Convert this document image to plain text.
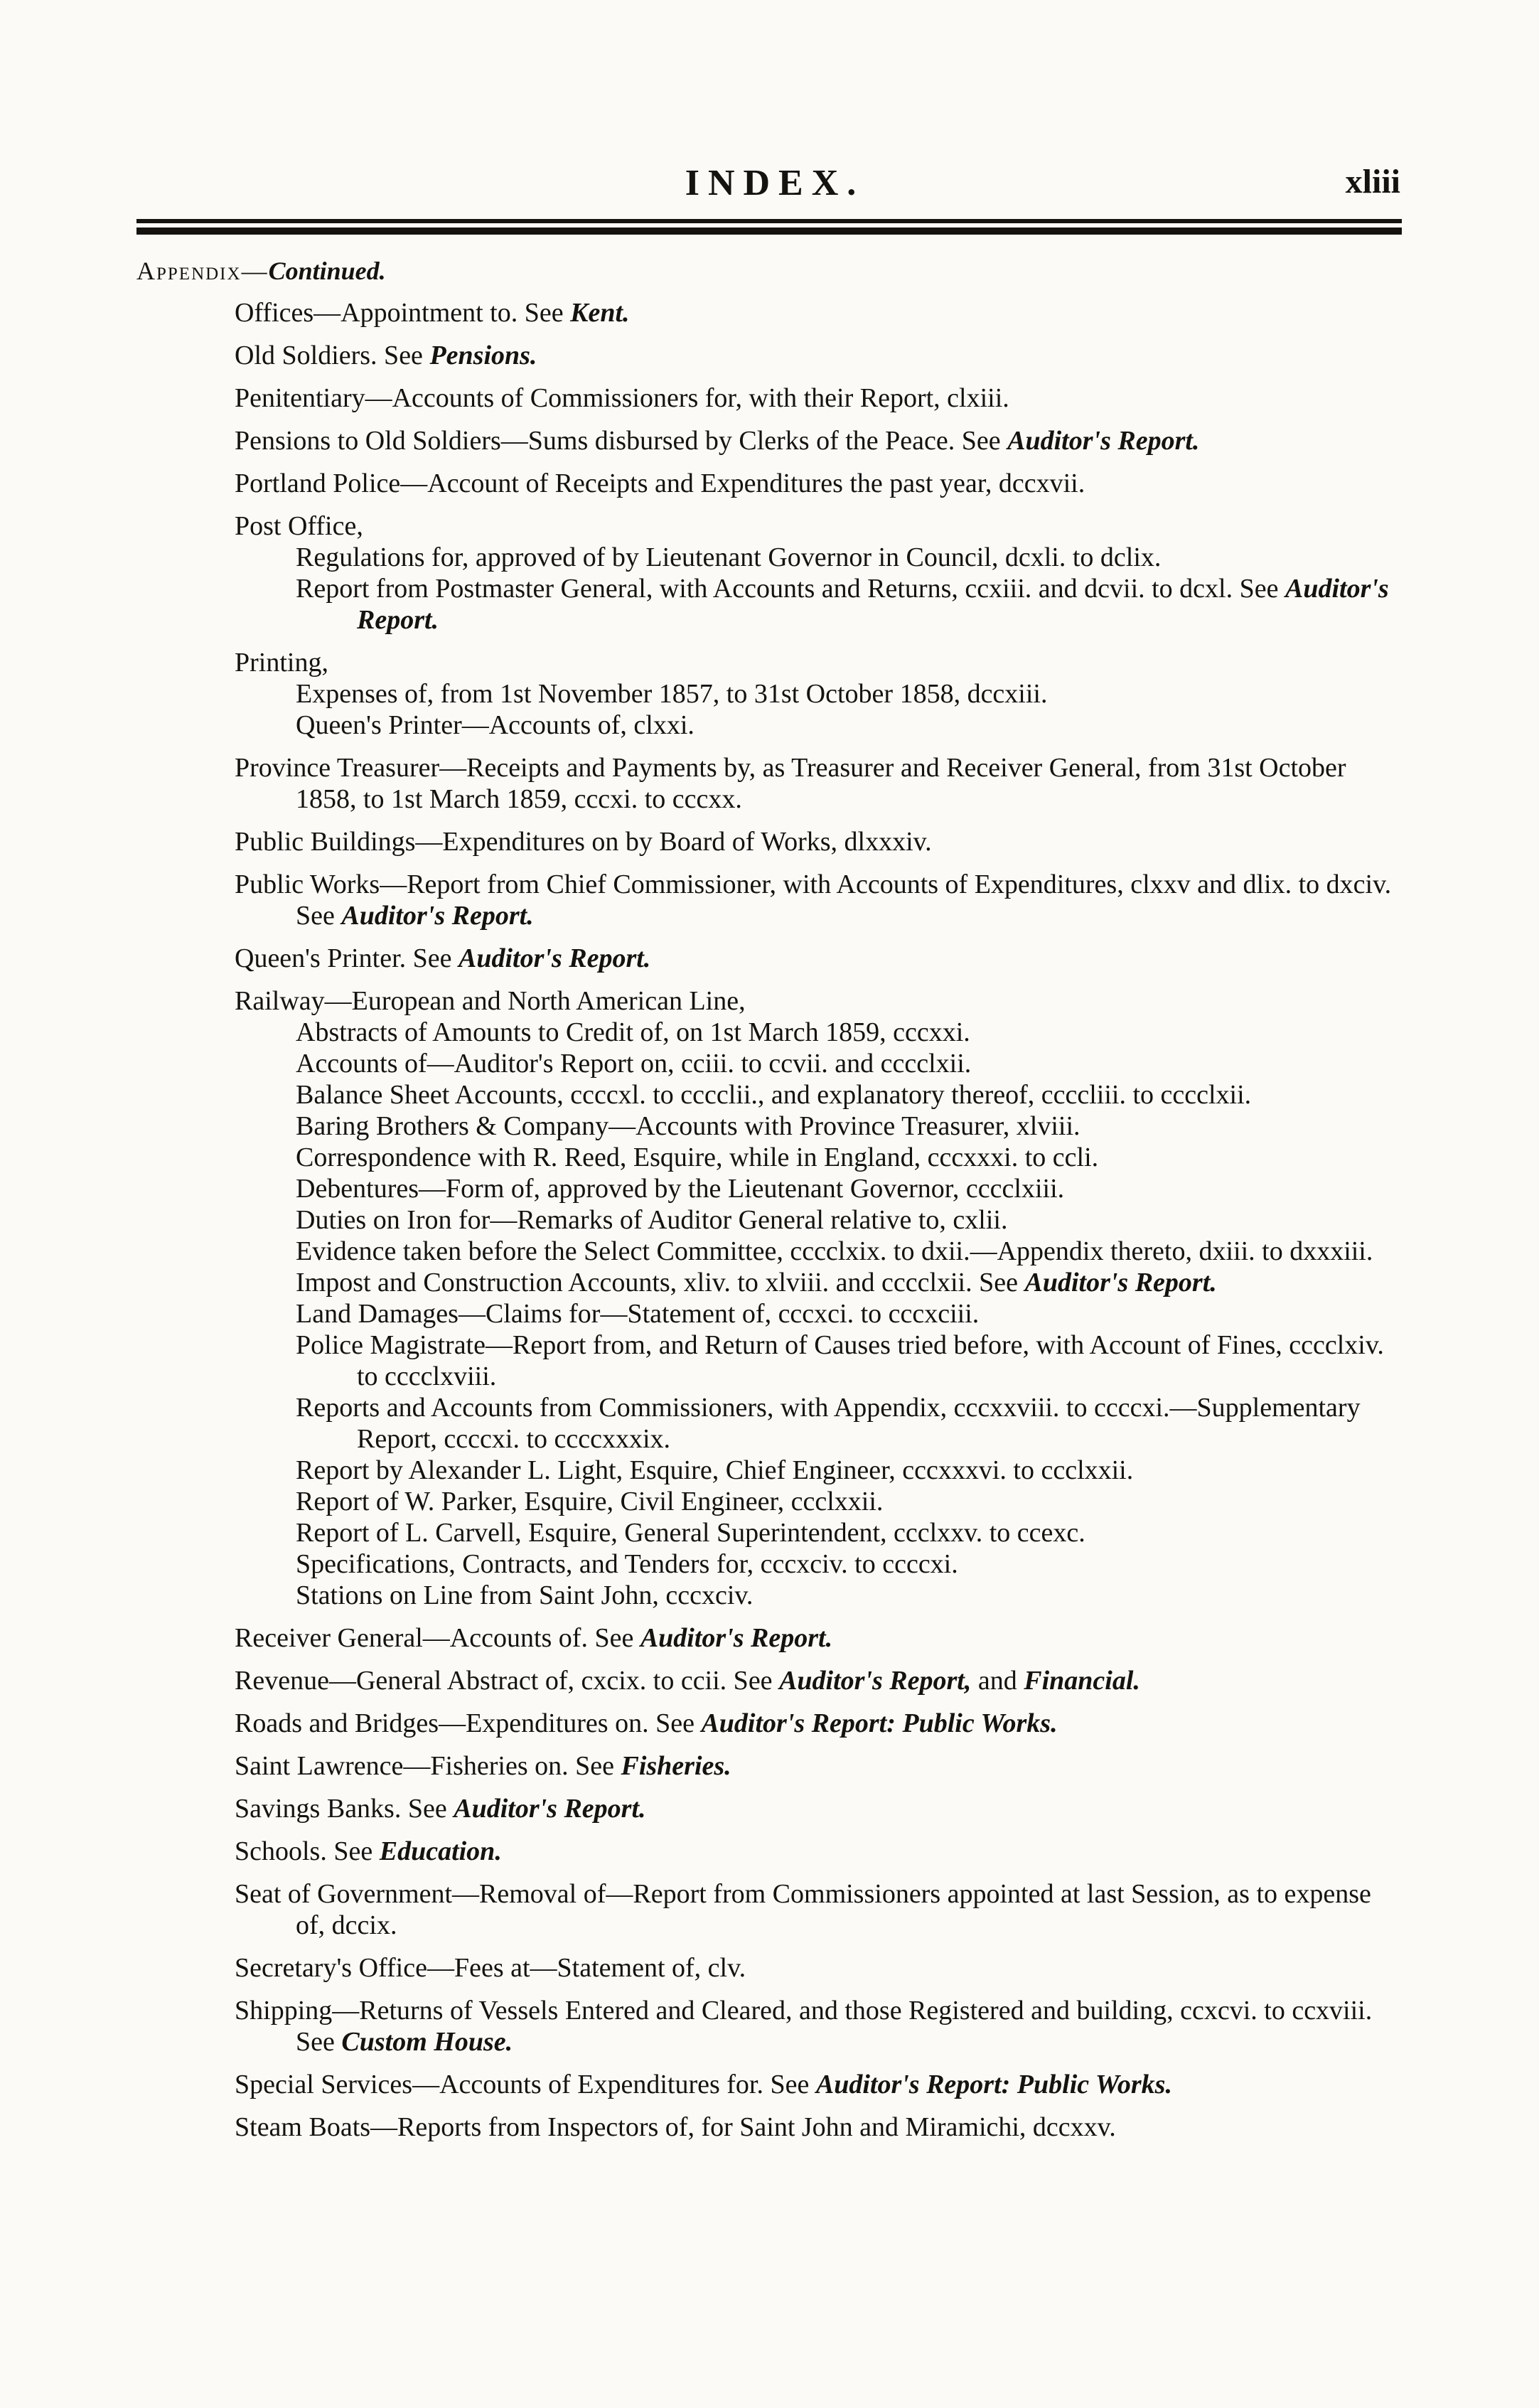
INDEX.	xliii
Appendix—Continued.
Offices—Appointment to. See Kent.
Old Soldiers. See Pensions.
Penitentiary—Accounts of Commissioners for, with their Report, clxiii.
Pensions to Old Soldiers—Sums disbursed by Clerks of the Peace. See Auditor's Report.
Portland Police—Account of Receipts and Expenditures the past year, dccxvii.
Post Office,
Regulations for, approved of by Lieutenant Governor in Council, dcxli. to dclix.
Report from Postmaster General, with Accounts and Returns, ccxiii. and dcvii. to dcxl. See Auditor's Report.
Printing,
Expenses of, from 1st November 1857, to 31st October 1858, dccxiii.
Queen's Printer—Accounts of, clxxi.
Province Treasurer—Receipts and Payments by, as Treasurer and Receiver General, from 31st October 1858, to 1st March 1859, cccxi. to cccxx.
Public Buildings—Expenditures on by Board of Works, dlxxxiv.
Public Works—Report from Chief Commissioner, with Accounts of Expenditures, clxxv and dlix. to dxciv. See Auditor's Report.
Queen's Printer. See Auditor's Report.
Railway—European and North American Line,
Abstracts of Amounts to Credit of, on 1st March 1859, cccxxi.
Accounts of—Auditor's Report on, cciii. to ccvii. and cccclxii.
Balance Sheet Accounts, ccccxl. to cccclii., and explanatory thereof, ccccliii. to cccclxii.
Baring Brothers & Company—Accounts with Province Treasurer, xlviii.
Correspondence with R. Reed, Esquire, while in England, cccxxxi. to ccli.
Debentures—Form of, approved by the Lieutenant Governor, cccclxiii.
Duties on Iron for—Remarks of Auditor General relative to, cxlii.
Evidence taken before the Select Committee, cccclxix. to dxii.—Appendix thereto, dxiii. to dxxxiii.
Impost and Construction Accounts, xliv. to xlviii. and cccclxii. See Auditor's Report.
Land Damages—Claims for—Statement of, cccxci. to cccxciii.
Police Magistrate—Report from, and Return of Causes tried before, with Account of Fines, cccclxiv. to cccclxviii.
Reports and Accounts from Commissioners, with Appendix, cccxxviii. to ccccxi.—Supplementary Report, ccccxi. to ccccxxxix.
Report by Alexander L. Light, Esquire, Chief Engineer, cccxxxvi. to ccclxxii.
Report of W. Parker, Esquire, Civil Engineer, ccclxxii.
Report of L. Carvell, Esquire, General Superintendent, ccclxxv. to ccexc.
Specifications, Contracts, and Tenders for, cccxciv. to ccccxi.
Stations on Line from Saint John, cccxciv.
Receiver General—Accounts of. See Auditor's Report.
Revenue—General Abstract of, cxcix. to ccii. See Auditor's Report, and Financial.
Roads and Bridges—Expenditures on. See Auditor's Report: Public Works.
Saint Lawrence—Fisheries on. See Fisheries.
Savings Banks. See Auditor's Report.
Schools. See Education.
Seat of Government—Removal of—Report from Commissioners appointed at last Session, as to expense of, dccix.
Secretary's Office—Fees at—Statement of, clv.
Shipping—Returns of Vessels Entered and Cleared, and those Registered and building, ccxcvi. to ccxviii. See Custom House.
Special Services—Accounts of Expenditures for. See Auditor's Report: Public Works.
Steam Boats—Reports from Inspectors of, for Saint John and Miramichi, dccxxv.
